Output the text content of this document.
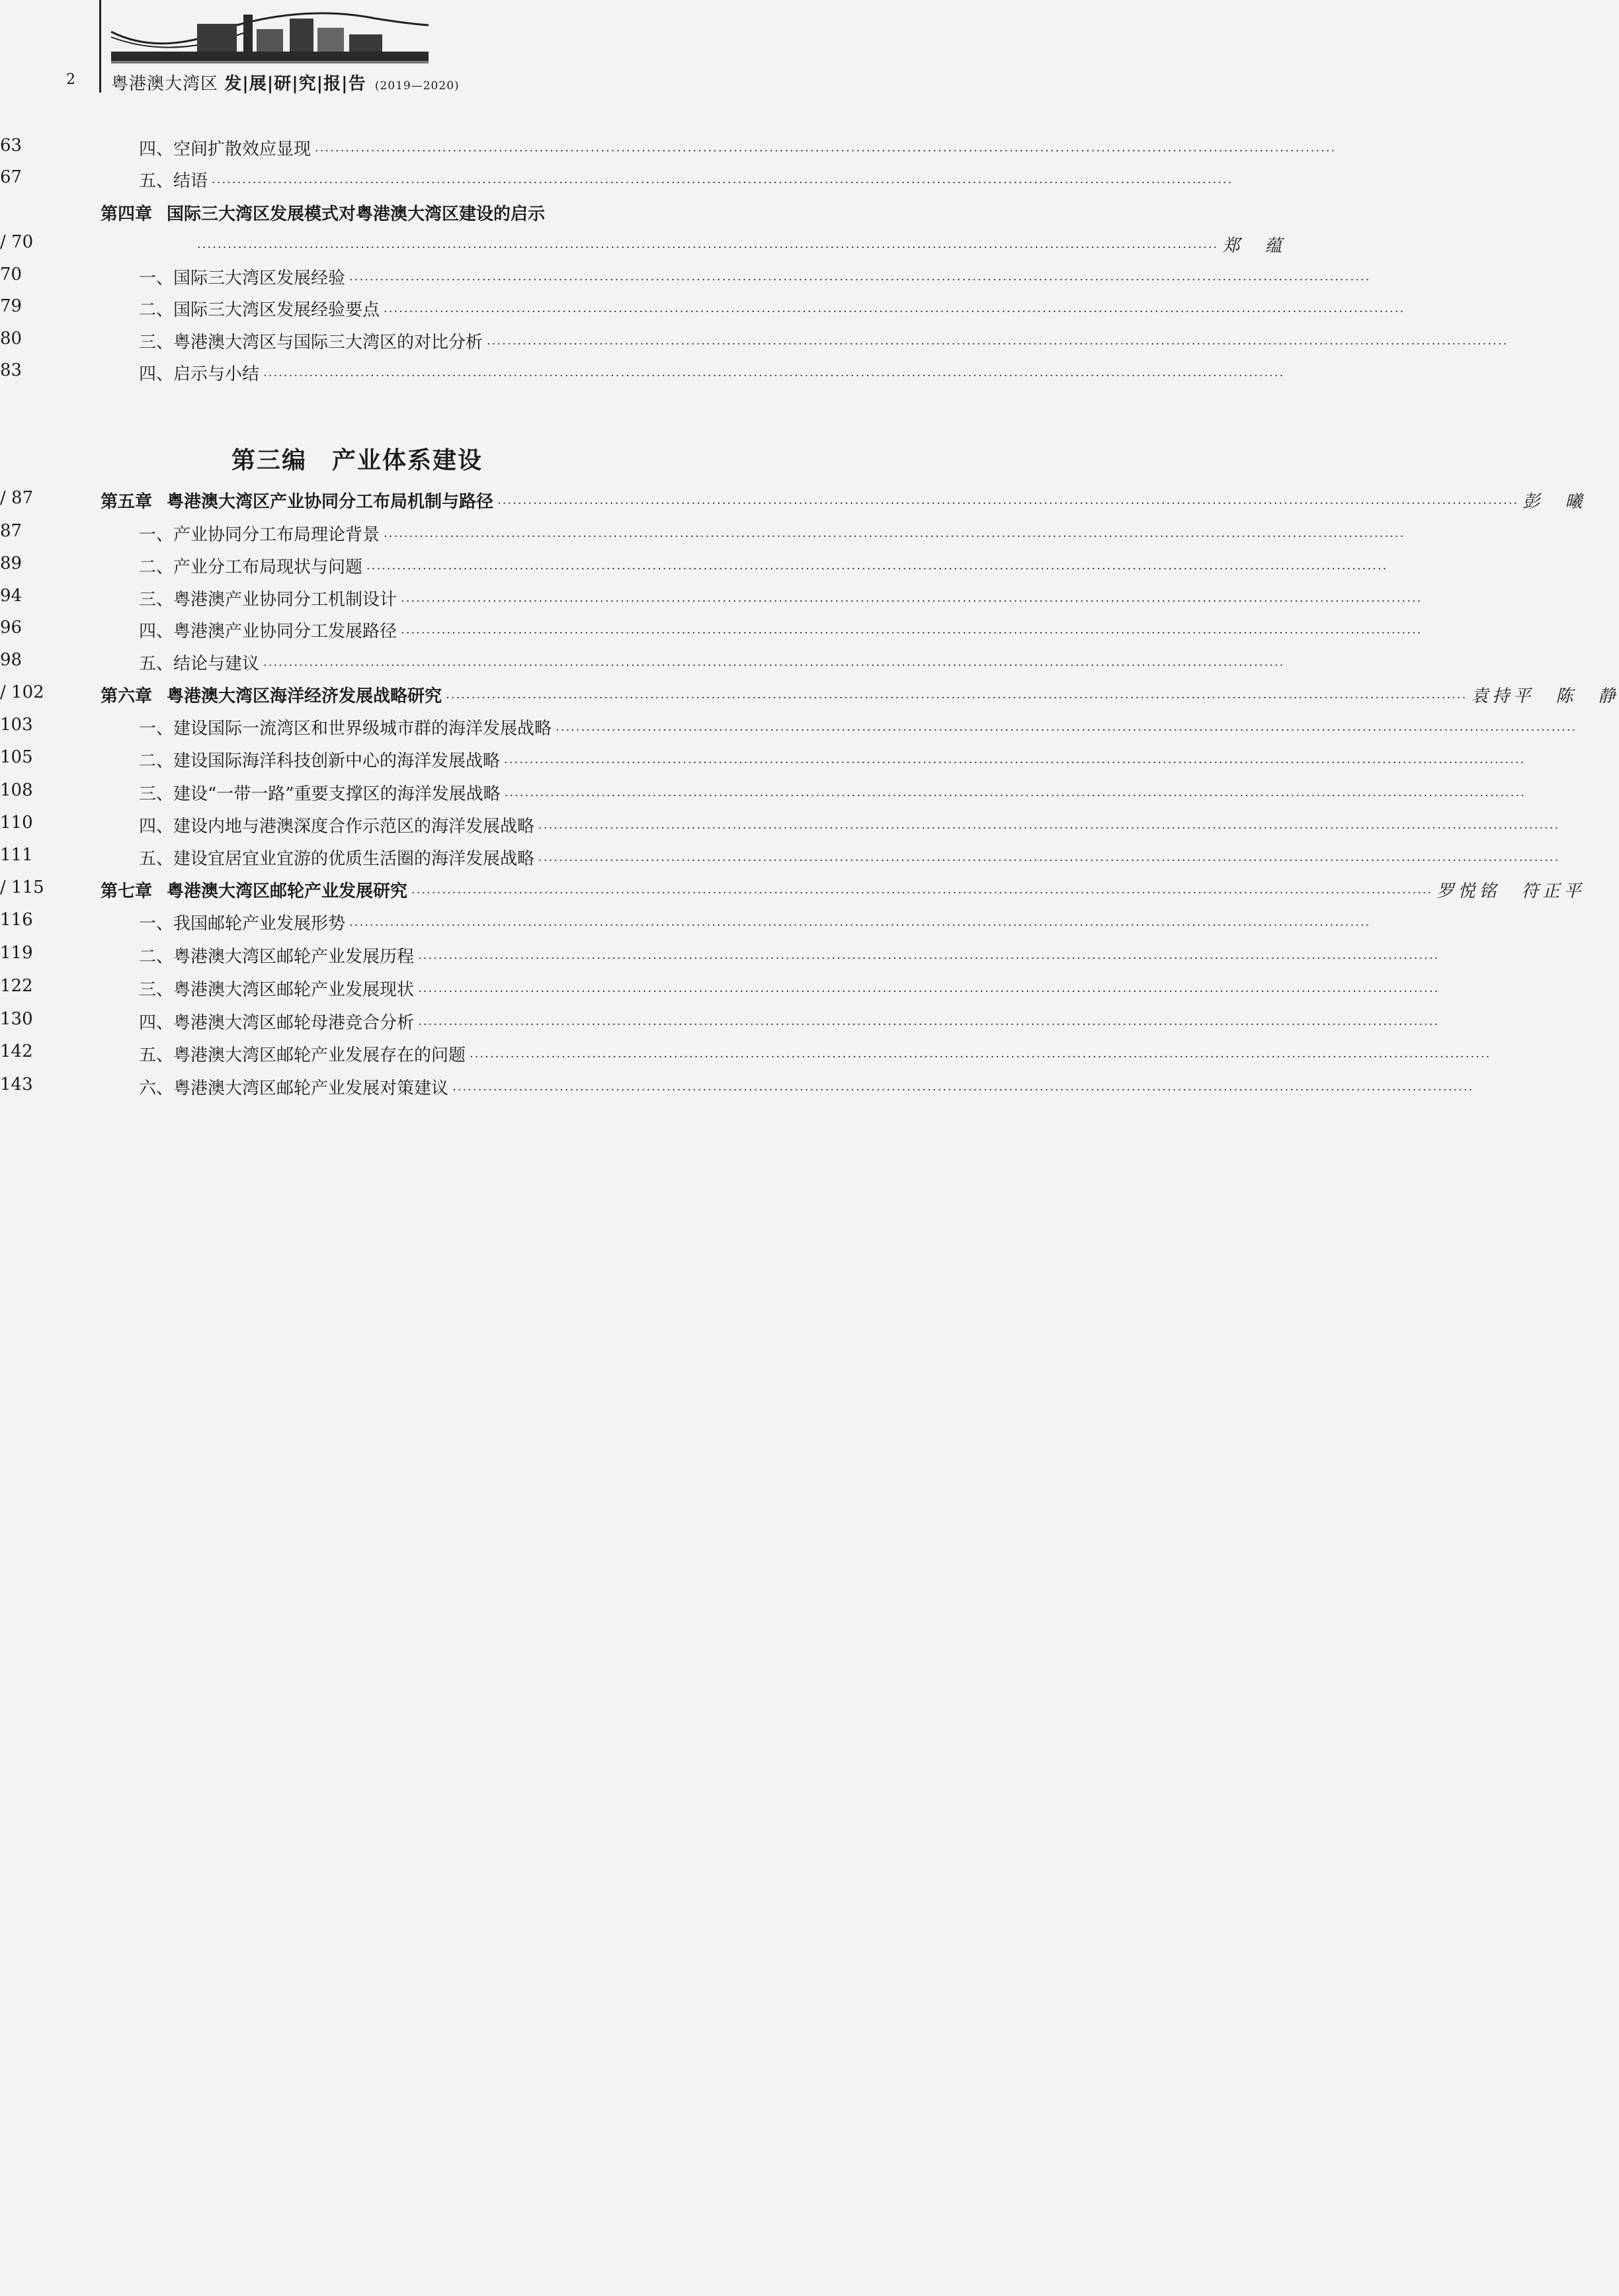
2 粤港澳大湾区 发|展|研|究|报|告 (2019—2020)
第三编　产业体系建设
四、空间扩散效应显现 ········································································································································································································
63
五、结语 ········································································································································································································
67
第四章 国际三大湾区发展模式对粤港澳大湾区建设的启示
········································································································································································································ 郑　蕴
/ 70
一、国际三大湾区发展经验 ········································································································································································································
70
二、国际三大湾区发展经验要点 ········································································································································································································
79
三、粤港澳大湾区与国际三大湾区的对比分析 ········································································································································································································
80
四、启示与小结 ········································································································································································································
83
第五章 粤港澳大湾区产业协同分工布局机制与路径 ········································································································································································································ 彭　曦
/ 87
一、产业协同分工布局理论背景 ········································································································································································································
87
二、产业分工布局现状与问题 ········································································································································································································
89
三、粤港澳产业协同分工机制设计 ········································································································································································································
94
四、粤港澳产业协同分工发展路径 ········································································································································································································
96
五、结论与建议 ········································································································································································································
98
第六章 粤港澳大湾区海洋经济发展战略研究 ········································································································································································································ 袁持平　陈　静
/ 102
一、建设国际一流湾区和世界级城市群的海洋发展战略 ········································································································································································································
103
二、建设国际海洋科技创新中心的海洋发展战略 ········································································································································································································
105
三、建设“一带一路”重要支撑区的海洋发展战略 ········································································································································································································
108
四、建设内地与港澳深度合作示范区的海洋发展战略 ········································································································································································································
110
五、建设宜居宜业宜游的优质生活圈的海洋发展战略 ········································································································································································································
111
第七章 粤港澳大湾区邮轮产业发展研究 ········································································································································································································ 罗悦铭　符正平
/ 115
一、我国邮轮产业发展形势 ········································································································································································································
116
二、粤港澳大湾区邮轮产业发展历程 ········································································································································································································
119
三、粤港澳大湾区邮轮产业发展现状 ········································································································································································································
122
四、粤港澳大湾区邮轮母港竞合分析 ········································································································································································································
130
五、粤港澳大湾区邮轮产业发展存在的问题 ········································································································································································································
142
六、粤港澳大湾区邮轮产业发展对策建议 ········································································································································································································
143
